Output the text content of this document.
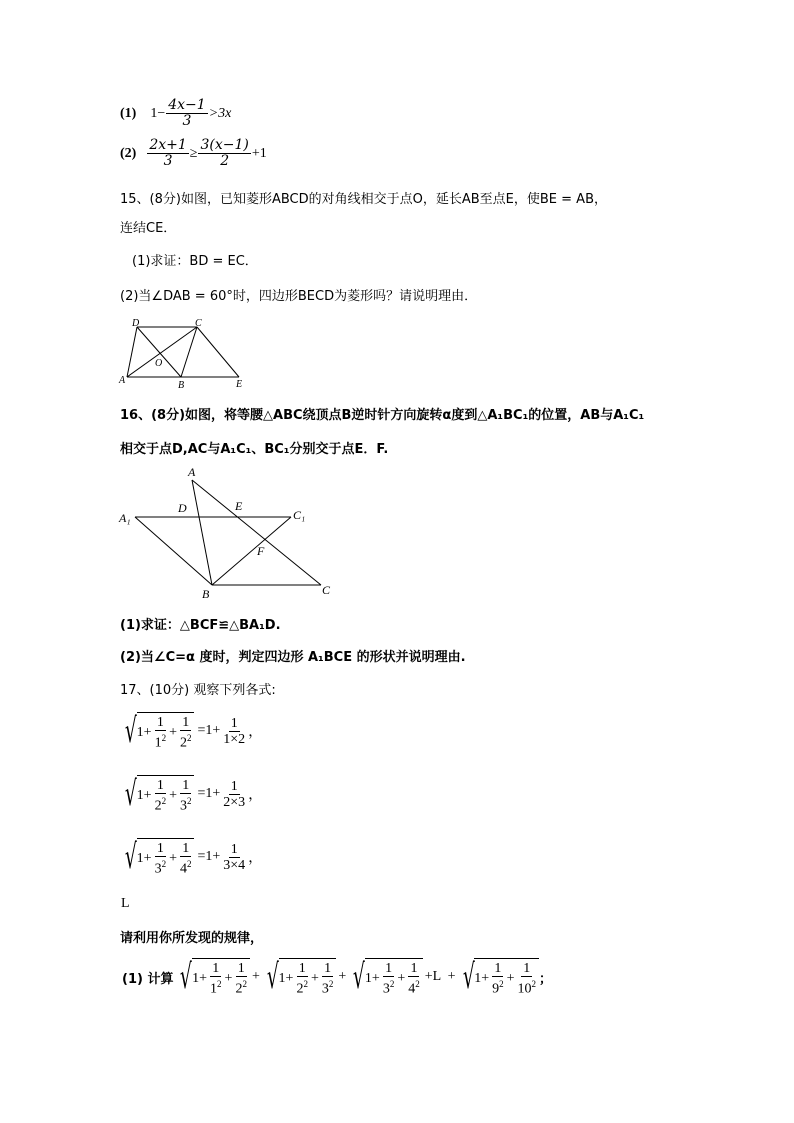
(1) $1- \frac{4x-1}{3} >3x$
$(2) \frac{2x+1}{3} \ge \frac{3(x-1)}{2} +1$
15、(8分)如图，已知菱形ABCD的对角线相交于点O，延长AB至点E，使BE = AB，
连结CE．
(1)求证：BD = EC．
(2)当∠DAB = 60°时，四边形BECD为菱形吗？请说明理由．
D	C
O
A	B	E
16、(8分)如图，将等腰△ABC绕顶点B逆时针方向旋转α度到△A₁BC₁的位置，AB与A₁C₁
相交于点D,AC与A₁C₁、BC₁分别交于点E．F.
A
D	E
A₁	C₁
F
B	C
(1)求证：△BCF≌△BA₁D.
(2)当∠C=α 度时，判定四边形 A₁BCE 的形状并说明理由.
17、(10分) 观察下列各式:
√ $1+ \frac{1}{1^2} + \frac{1}{2^2} =1+ \frac{1}{1\times 2}$ ，
√ $1+ \frac{1}{2^2} + \frac{1}{3^2} =1+ \frac{1}{2\times 3}$ ，
√ $1+ \frac{1}{3^2} + \frac{1}{4^2} =1+ \frac{1}{3\times 4}$ ，
L
请利用你所发现的规律，
(1) 计算 √ $1+ \frac{1}{1^2} + \frac{1}{2^2}$ + √ $1+ \frac{1}{2^2} + \frac{1}{3^2}$ + √ $1+ \frac{1}{3^2} + \frac{1}{4^2} +L$  + √ $1+ \frac{1}{9^2} + \frac{1}{10^2}$ ；
